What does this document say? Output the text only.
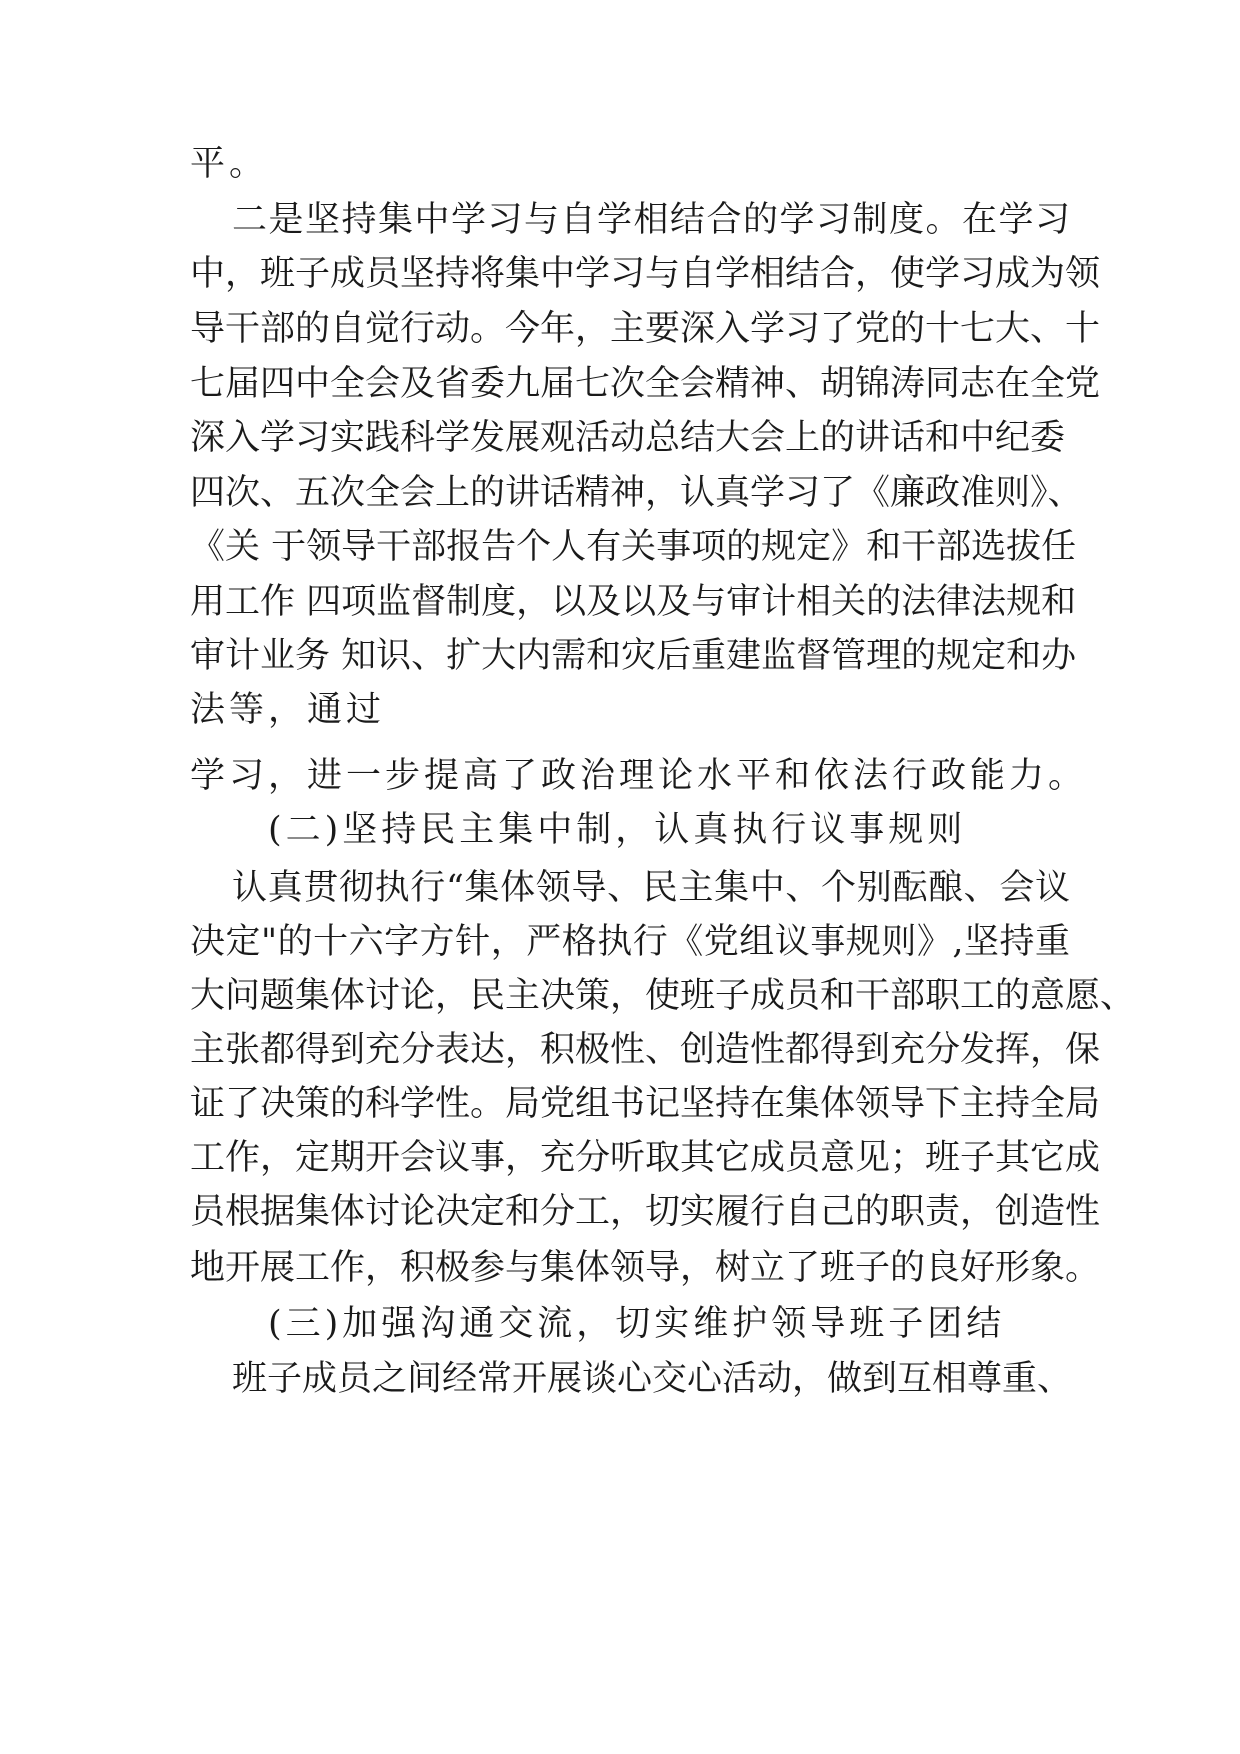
平。
二是坚持集中学习与自学相结合的学习制度。在学习
中，班子成员坚持将集中学习与自学相结合，使学习成为领
导干部的自觉行动。今年，主要深入学习了党的十七大、十
七届四中全会及省委九届七次全会精神、胡锦涛同志在全党
深入学习实践科学发展观活动总结大会上的讲话和中纪委
四次、五次全会上的讲话精神，认真学习了《廉政准则》、
《关 于领导干部报告个人有关事项的规定》和干部选拔任
用工作 四项监督制度，以及以及与审计相关的法律法规和
审计业务 知识、扩大内需和灾后重建监督管理的规定和办
法等，通过
学习，进一步提高了政治理论水平和依法行政能力。
(二)坚持民主集中制，认真执行议事规则
认真贯彻执行“集体领导、民主集中、个别酝酿、会议
决定"的十六字方针，严格执行《党组议事规则》,坚持重
大问题集体讨论，民主决策，使班子成员和干部职工的意愿、
主张都得到充分表达，积极性、创造性都得到充分发挥，保
证了决策的科学性。局党组书记坚持在集体领导下主持全局
工作，定期开会议事，充分听取其它成员意见；班子其它成
员根据集体讨论决定和分工，切实履行自己的职责，创造性
地开展工作，积极参与集体领导，树立了班子的良好形象。
(三)加强沟通交流，切实维护领导班子团结
班子成员之间经常开展谈心交心活动，做到互相尊重、
